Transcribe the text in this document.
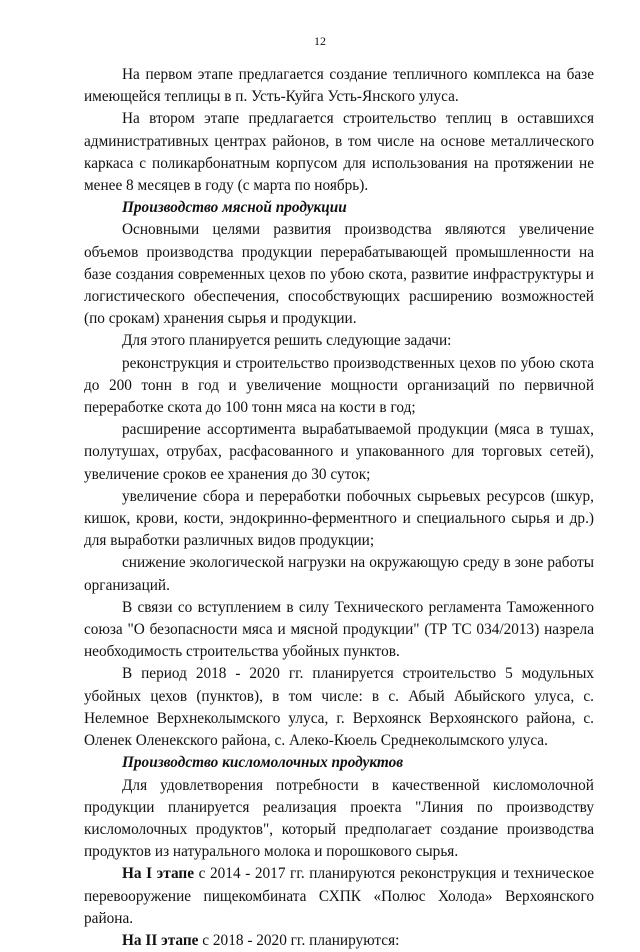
12

На первом этапе предлагается создание тепличного комплекса на базе имеющейся теплицы в п. Усть-Куйга Усть-Янского улуса.

На втором этапе предлагается строительство теплиц в оставшихся административных центрах районов, в том числе на основе металлического каркаса с поликарбонатным корпусом для использования на протяжении не менее 8 месяцев в году (с марта по ноябрь).

Производство мясной продукции

Основными целями развития производства являются увеличение объемов производства продукции перерабатывающей промышленности на базе создания современных цехов по убою скота, развитие инфраструктуры и логистического обеспечения, способствующих расширению возможностей (по срокам) хранения сырья и продукции.

Для этого планируется решить следующие задачи:

реконструкция и строительство производственных цехов по убою скота до 200 тонн в год и увеличение мощности организаций по первичной переработке скота до 100 тонн мяса на кости в год;

расширение ассортимента вырабатываемой продукции (мяса в тушах, полутушах, отрубах, расфасованного и упакованного для торговых сетей), увеличение сроков ее хранения до 30 суток;

увеличение сбора и переработки побочных сырьевых ресурсов (шкур, кишок, крови, кости, эндокринно-ферментного и специального сырья и др.) для выработки различных видов продукции;

снижение экологической нагрузки на окружающую среду в зоне работы организаций.

В связи со вступлением в силу Технического регламента Таможенного союза "О безопасности мяса и мясной продукции" (ТР ТС 034/2013) назрела необходимость строительства убойных пунктов.

В период 2018 - 2020 гг. планируется строительство 5 модульных убойных цехов (пунктов), в том числе: в с. Абый Абыйского улуса, с. Нелемное Верхнеколымского улуса, г. Верхоянск Верхоянского района, с. Оленек Оленекского района, с. Алеко-Кюель Среднеколымского улуса.

Производство кисломолочных продуктов

Для удовлетворения потребности в качественной кисломолочной продукции планируется реализация проекта "Линия по производству кисломолочных продуктов", который предполагает создание производства продуктов из натурального молока и порошкового сырья.

На I этапе с 2014 - 2017 гг. планируются реконструкция и техническое перевооружение пищекомбината СХПК «Полюс Холода» Верхоянского района.

На II этапе с 2018 - 2020 гг. планируются:
